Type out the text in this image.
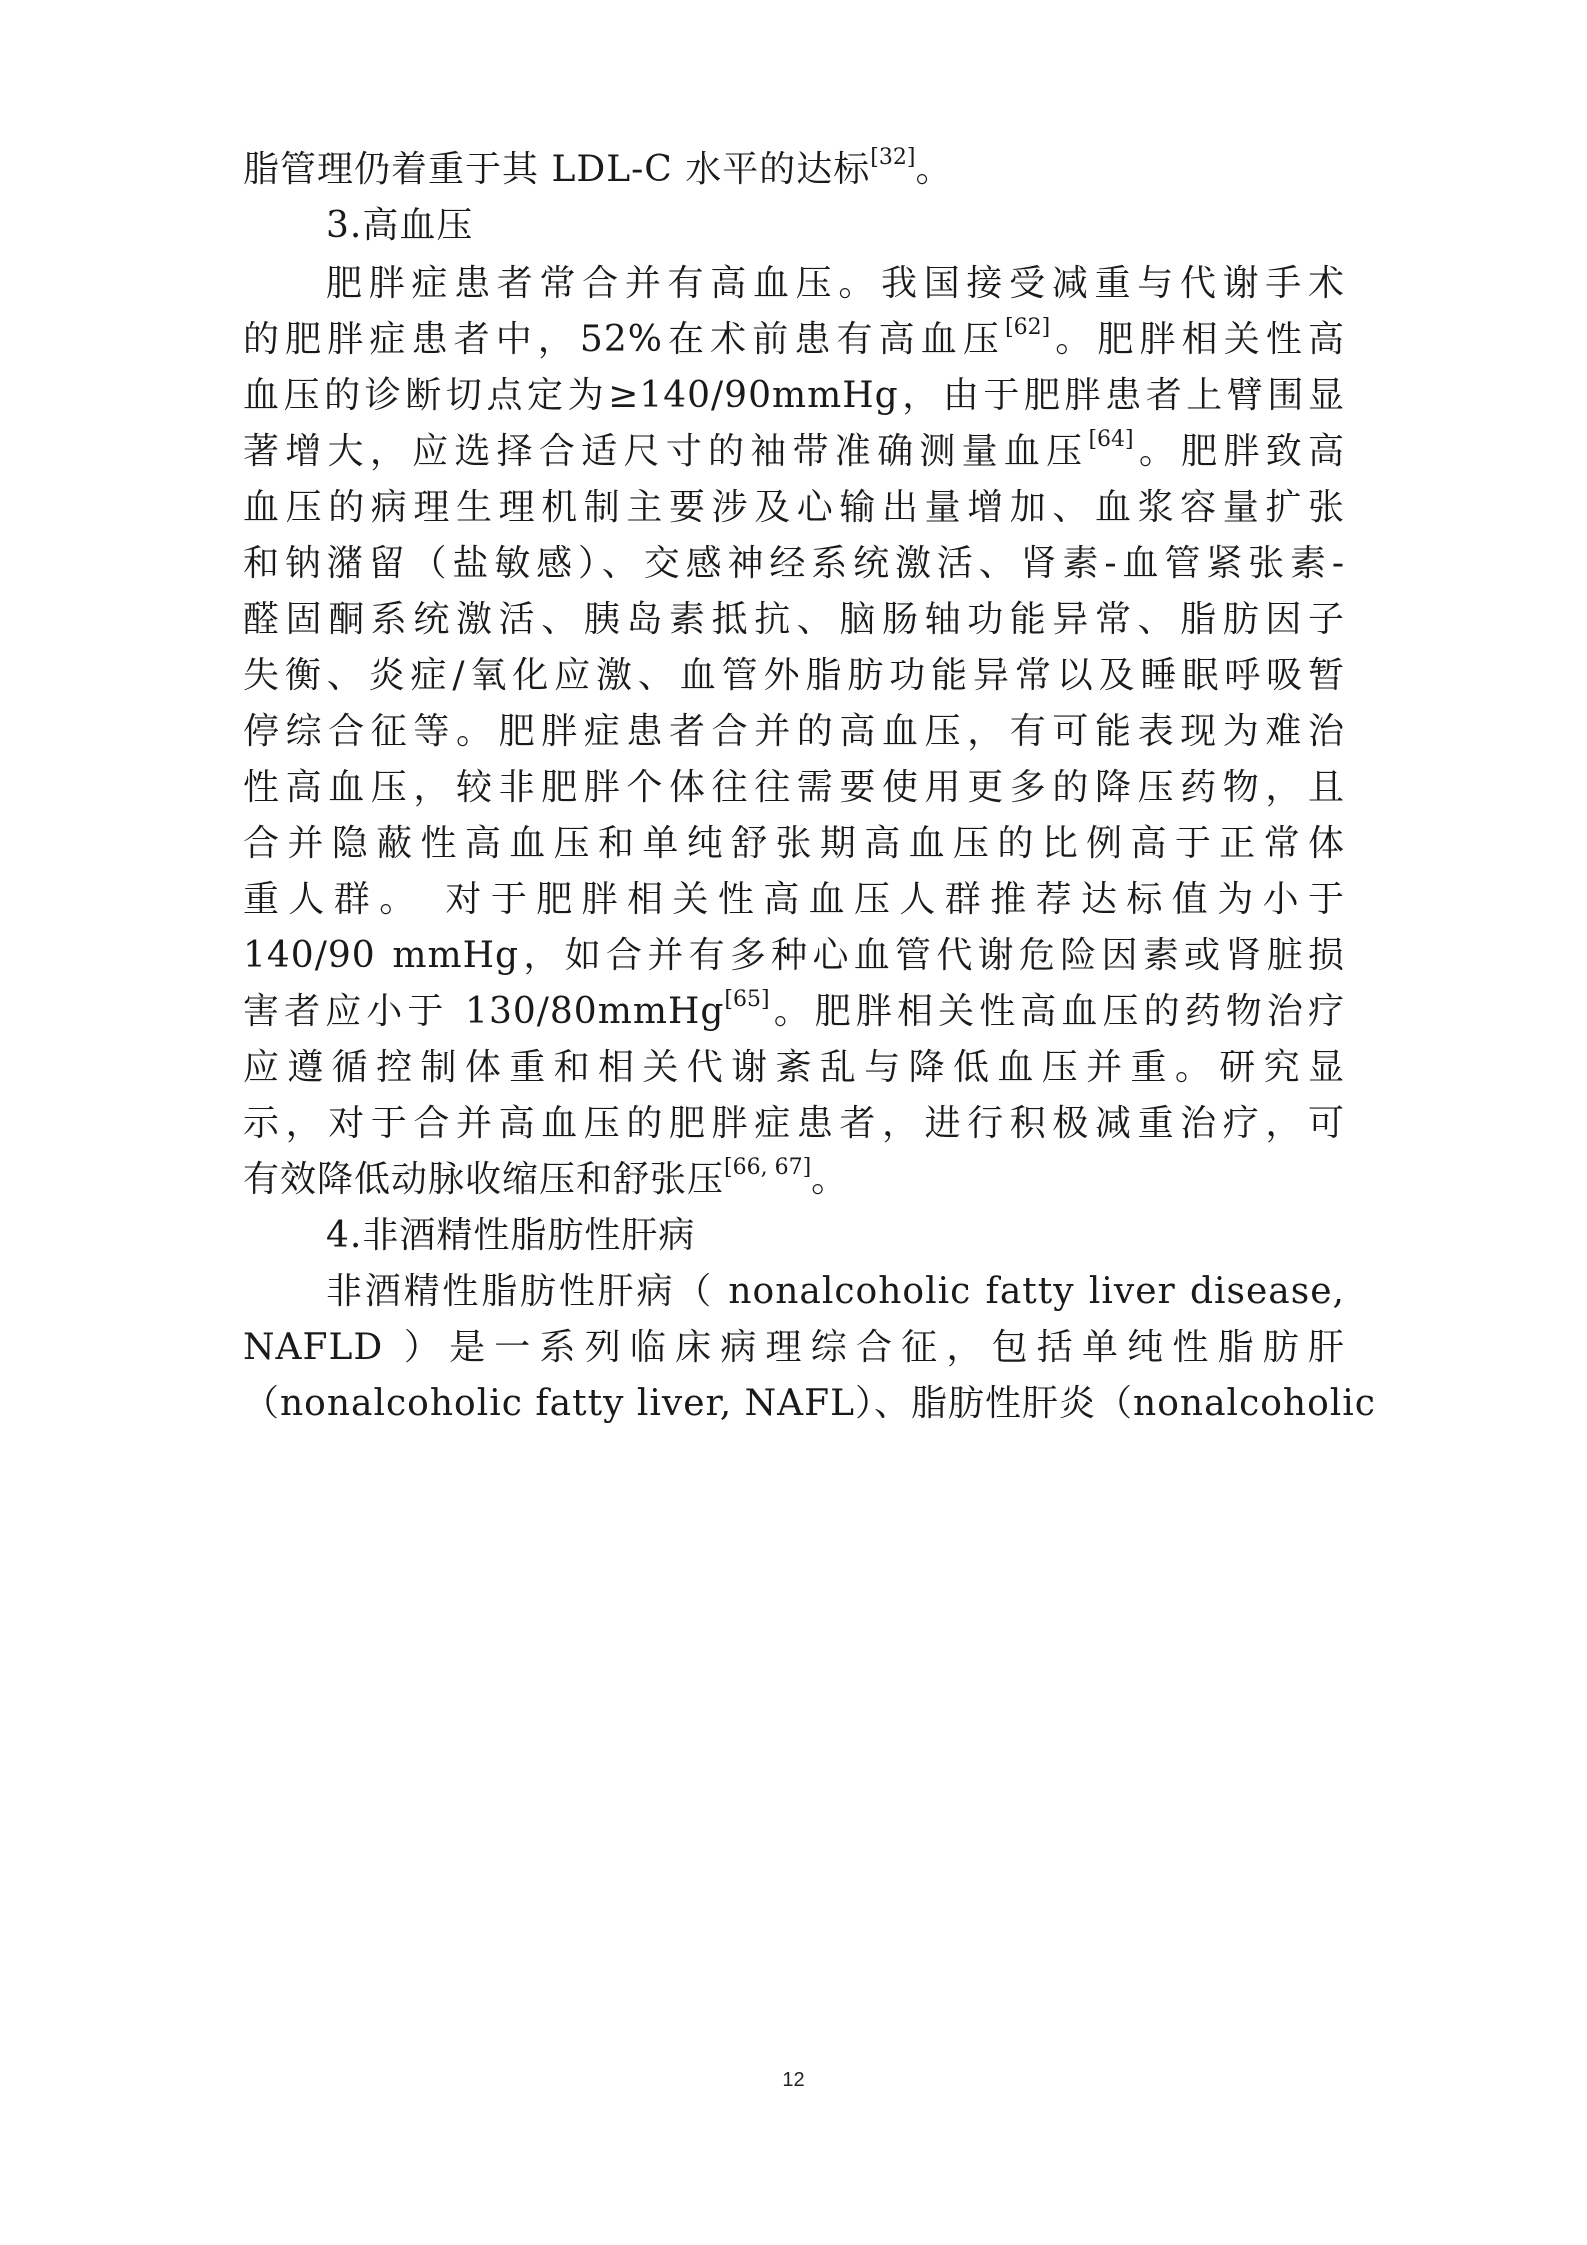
脂管理仍着重于其 LDL-C 水平的达标[32]。
3.高血压
肥胖症患者常合并有高血压。我国接受减重与代谢手术
的肥胖症患者中，52%在术前患有高血压[62]。肥胖相关性高
血压的诊断切点定为≥140/90mmHg，由于肥胖患者上臂围显
著增大，应选择合适尺寸的袖带准确测量血压[64]。肥胖致高
血压的病理生理机制主要涉及心输出量增加、血浆容量扩张
和钠潴留（盐敏感）、交感神经系统激活、肾素-血管紧张素-
醛固酮系统激活、胰岛素抵抗、脑肠轴功能异常、脂肪因子
失衡、炎症/氧化应激、血管外脂肪功能异常以及睡眠呼吸暂
停综合征等。肥胖症患者合并的高血压，有可能表现为难治
性高血压，较非肥胖个体往往需要使用更多的降压药物，且
合并隐蔽性高血压和单纯舒张期高血压的比例高于正常体
重人群。 对于肥胖相关性高血压人群推荐达标值为小于
140/90 mmHg，如合并有多种心血管代谢危险因素或肾脏损
害者应小于 130/80mmHg[65]。肥胖相关性高血压的药物治疗
应遵循控制体重和相关代谢紊乱与降低血压并重。研究显
示，对于合并高血压的肥胖症患者，进行积极减重治疗，可
有效降低动脉收缩压和舒张压[66, 67]。
4.非酒精性脂肪性肝病
非酒精性脂肪性肝病（ nonalcoholic fatty liver disease,
NAFLD ）是一系列临床病理综合征，包括单纯性脂肪肝
（nonalcoholic fatty liver, NAFL）、脂肪性肝炎（nonalcoholic
12
